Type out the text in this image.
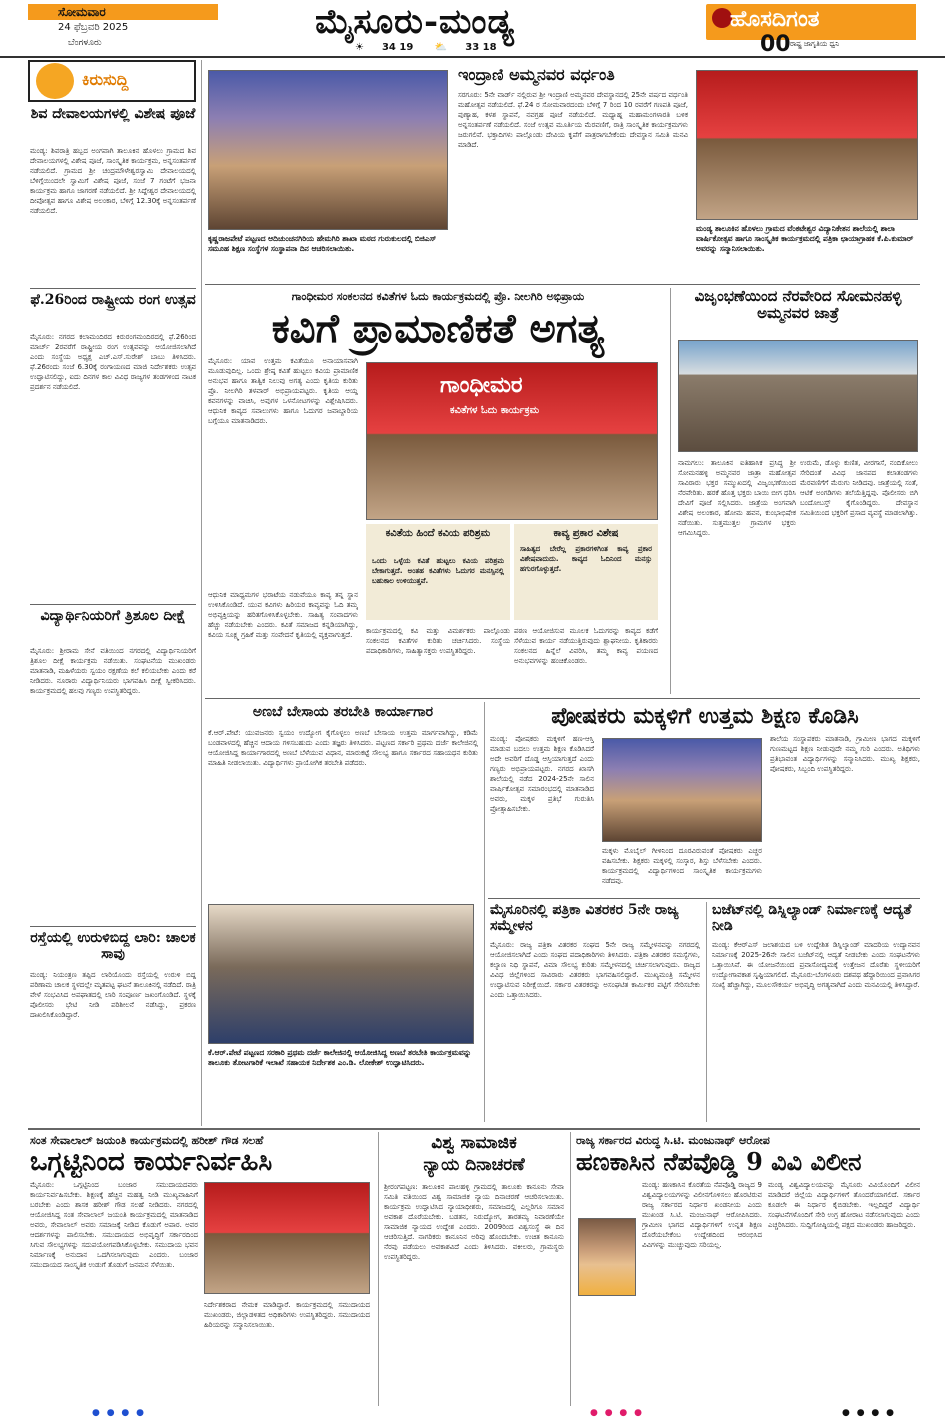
ಸೋಮವಾರ
24 ಫೆಬ್ರವರಿ 2025
ಬೆಂಗಳೂರು
ಮೈಸೂರು-ಮಂಡ್ಯ
☀ 34 19 ⛅ 33 18
ಹೊಸದಿಗಂತ
ರಾಷ್ಟ್ರ ಜಾಗೃತಿಯ ಧ್ವನಿ
00
ಕಿರುಸುದ್ದಿ
ಶಿವ ದೇವಾಲಯಗಳಲ್ಲಿ ವಿಶೇಷ ಪೂಜೆ
ಮಂಡ್ಯ: ಶಿವರಾತ್ರಿ ಹಬ್ಬದ ಅಂಗವಾಗಿ ತಾಲೂಕಿನ ಹೊಳಲು ಗ್ರಾಮದ ಶಿವ ದೇವಾಲಯಗಳಲ್ಲಿ ವಿಶೇಷ ಪೂಜೆ, ಸಾಂಸ್ಕೃತಿಕ ಕಾರ್ಯಕ್ರಮ, ಅನ್ನಸಂತರ್ಪಣೆ ನಡೆಯಲಿದೆ. ಗ್ರಾಮದ ಶ್ರೀ ಚಂದ್ರಮೌಳೇಶ್ವರಸ್ವಾಮಿ ದೇವಾಲಯದಲ್ಲಿ ಬೆಳಿಗ್ಗೆಯಿಂದಲೇ ಸ್ವಾಮಿಗೆ ವಿಶೇಷ ಪೂಜೆ, ಸಂಜೆ 7 ಗಂಟೆಗೆ ಭಜನಾ ಕಾರ್ಯಕ್ರಮ ಹಾಗೂ ಜಾಗರಣೆ ನಡೆಯಲಿದೆ. ಶ್ರೀ ಸಿದ್ದೇಶ್ವರ ದೇವಾಲಯದಲ್ಲಿ ದೀಪೋತ್ಸವ ಹಾಗೂ ವಿಶೇಷ ಅಲಂಕಾರ, ಬೆಳಿಗ್ಗೆ 12.30ಕ್ಕೆ ಅನ್ನಸಂತರ್ಪಣೆ ನಡೆಯಲಿದೆ.
ಫೆ.26ರಿಂದ ರಾಷ್ಟ್ರೀಯ ರಂಗ ಉತ್ಸವ
ಮೈಸೂರು: ನಗರದ ಕಲಾಮಂದಿರದ ಕಿರುರಂಗಮಂದಿರದಲ್ಲಿ ಫೆ.26ರಿಂದ ಮಾರ್ಚ್ 2ರವರೆಗೆ ರಾಷ್ಟ್ರೀಯ ರಂಗ ಉತ್ಸವವನ್ನು ಆಯೋಜಿಸಲಾಗಿದೆ ಎಂದು ಸಂಸ್ಥೆಯ ಅಧ್ಯಕ್ಷ ಎಚ್.ಎಸ್.ಸುರೇಶ್ ಬಾಬು ತಿಳಿಸಿದರು. ಫೆ.26ರಂದು ಸಂಜೆ 6.30ಕ್ಕೆ ರಂಗಾಯಣದ ಮಾಜಿ ನಿರ್ದೇಶಕರು ಉತ್ಸವ ಉದ್ಘಾಟಿಸಲಿದ್ದು, ಐದು ದಿನಗಳ ಕಾಲ ವಿವಿಧ ರಾಜ್ಯಗಳ ತಂಡಗಳಿಂದ ನಾಟಕ ಪ್ರದರ್ಶನ ನಡೆಯಲಿದೆ.
ವಿದ್ಯಾರ್ಥಿನಿಯರಿಗೆ ತ್ರಿಶೂಲ ದೀಕ್ಷೆ
ಮೈಸೂರು: ಶ್ರೀರಾಮ ಸೇನೆ ವತಿಯಿಂದ ನಗರದಲ್ಲಿ ವಿದ್ಯಾರ್ಥಿನಿಯರಿಗೆ ತ್ರಿಶೂಲ ದೀಕ್ಷೆ ಕಾರ್ಯಕ್ರಮ ನಡೆಯಿತು. ಸಂಘಟನೆಯ ಮುಖಂಡರು ಮಾತನಾಡಿ, ಮಹಿಳೆಯರು ಸ್ವಯಂ ರಕ್ಷಣೆಯ ಕಲೆ ಕಲಿಯಬೇಕು ಎಂದು ಕರೆ ನೀಡಿದರು. ನೂರಾರು ವಿದ್ಯಾರ್ಥಿನಿಯರು ಭಾಗವಹಿಸಿ ದೀಕ್ಷೆ ಸ್ವೀಕರಿಸಿದರು. ಕಾರ್ಯಕ್ರಮದಲ್ಲಿ ಹಲವು ಗಣ್ಯರು ಉಪಸ್ಥಿತರಿದ್ದರು.
ರಸ್ತೆಯಲ್ಲಿ ಉರುಳಿಬಿದ್ದ ಲಾರಿ: ಚಾಲಕ ಸಾವು
ಮಂಡ್ಯ: ನಿಯಂತ್ರಣ ತಪ್ಪಿದ ಲಾರಿಯೊಂದು ರಸ್ತೆಯಲ್ಲಿ ಉರುಳಿ ಬಿದ್ದ ಪರಿಣಾಮ ಚಾಲಕ ಸ್ಥಳದಲ್ಲೇ ಮೃತಪಟ್ಟ ಘಟನೆ ತಾಲೂಕಿನಲ್ಲಿ ನಡೆದಿದೆ. ರಾತ್ರಿ ವೇಳೆ ಸಂಭವಿಸಿದ ಅಪಘಾತದಲ್ಲಿ ಲಾರಿ ಸಂಪೂರ್ಣ ಜಖಂಗೊಂಡಿದೆ. ಸ್ಥಳಕ್ಕೆ ಪೊಲೀಸರು ಭೇಟಿ ನೀಡಿ ಪರಿಶೀಲನೆ ನಡೆಸಿದ್ದು, ಪ್ರಕರಣ ದಾಖಲಿಸಿಕೊಂಡಿದ್ದಾರೆ.
ಕೃಷ್ಣರಾಜಪೇಟೆ ಪಟ್ಟಣದ ಆದಿಚುಂಚನಗಿರಿಯ ಹೇಮಗಿರಿ ಶಾಖಾ ಮಠದ ಗುರುಕುಲದಲ್ಲಿ ಬಿಜಿಎಸ್ ಸಮೂಹ ಶಿಕ್ಷಣ ಸಂಸ್ಥೆಗಳ ಸಂಸ್ಥಾಪನಾ ದಿನ ಆಚರಿಸಲಾಯಿತು.
ಇಂದ್ರಾಣಿ ಅಮ್ಮನವರ ವರ್ಧಂತಿ
ಸರಗೂರು: 5ನೇ ವಾರ್ಡ್ ನಲ್ಲಿರುವ ಶ್ರೀ ಇಂದ್ರಾಣಿ ಅಮ್ಮನವರ ದೇವಸ್ಥಾನದಲ್ಲಿ 25ನೇ ವರ್ಷದ ವರ್ಧಂತಿ ಮಹೋತ್ಸವ ನಡೆಯಲಿದೆ. ಫೆ.24 ರ ಸೋಮವಾರದಂದು ಬೆಳಿಗ್ಗೆ 7 ರಿಂದ 10 ರವರೆಗೆ ಗಣಪತಿ ಪೂಜೆ, ಪುಣ್ಯಾಹ, ಕಳಶ ಸ್ಥಾಪನೆ, ನವಗ್ರಹ ಪೂಜೆ ನಡೆಯಲಿದೆ. ಮಧ್ಯಾಹ್ನ ಮಹಾಮಂಗಳಾರತಿ ಬಳಿಕ ಅನ್ನಸಂತರ್ಪಣೆ ನಡೆಯಲಿದೆ. ಸಂಜೆ ಉತ್ಸವ ಮೂರ್ತಿಯ ಮೆರವಣಿಗೆ, ರಾತ್ರಿ ಸಾಂಸ್ಕೃತಿಕ ಕಾರ್ಯಕ್ರಮಗಳು ಜರುಗಲಿವೆ. ಭಕ್ತಾದಿಗಳು ಪಾಲ್ಗೊಂಡು ದೇವಿಯ ಕೃಪೆಗೆ ಪಾತ್ರರಾಗಬೇಕೆಂದು ದೇವಸ್ಥಾನ ಸಮಿತಿ ಮನವಿ ಮಾಡಿದೆ.
ಮಂಡ್ಯ ತಾಲೂಕಿನ ಹೊಳಲು ಗ್ರಾಮದ ವೆಂಕಟೇಶ್ವರ ವಿದ್ಯಾನಿಕೇತನ ಶಾಲೆಯಲ್ಲಿ ಶಾಲಾ ವಾರ್ಷಿಕೋತ್ಸವ ಹಾಗೂ ಸಾಂಸ್ಕೃತಿಕ ಕಾರ್ಯಕ್ರಮದಲ್ಲಿ ಪತ್ರಿಕಾ ಛಾಯಾಗ್ರಾಹಕ ಕೆ.ಪಿ.ಕುಮಾರ್ ಅವರನ್ನು ಸನ್ಮಾನಿಸಲಾಯಿತು.
ಗಾಂಧೀಮರ ಸಂಕಲನದ ಕವಿತೆಗಳ ಓದು ಕಾರ್ಯಕ್ರಮದಲ್ಲಿ ಪ್ರೊ. ನೀಲಗಿರಿ ಅಭಿಪ್ರಾಯ
ಕವಿಗೆ ಪ್ರಾಮಾಣಿಕತೆ ಅಗತ್ಯ
ಮೈಸೂರು: ಯಾವ ಉತ್ತಮ ಕವಿತೆಯೂ ಅನಾಯಾಸವಾಗಿ ಮೂಡುವುದಿಲ್ಲ. ಒಂದು ಶ್ರೇಷ್ಠ ಕವಿತೆ ಹುಟ್ಟಲು ಕವಿಯ ಪ್ರಾಮಾಣಿಕ ಅನುಭವ ಹಾಗೂ ತಾತ್ವಿಕ ನಿಲುವು ಅಗತ್ಯ ಎಂದು ಕೃತಿಯ ಕುರಿತು ಪ್ರೊ. ನೀಲಗಿರಿ ತಳವಾರ್ ಅಭಿಪ್ರಾಯಪಟ್ಟರು. ಕೃತಿಯ ಆಯ್ದ ಕವನಗಳನ್ನು ವಾಚಿಸಿ, ಅವುಗಳ ಒಳನೋಟಗಳನ್ನು ವಿಶ್ಲೇಷಿಸಿದರು. ಆಧುನಿಕ ಕಾವ್ಯದ ಸವಾಲುಗಳು ಹಾಗೂ ಓದುಗರ ಜವಾಬ್ದಾರಿಯ ಬಗ್ಗೆಯೂ ಮಾತನಾಡಿದರು.
ಗಾಂಧೀಮರ
ಕವಿತೆಗಳ ಓದು ಕಾರ್ಯಕ್ರಮ
ಕವಿತೆಯ ಹಿಂದೆ ಕವಿಯ ಪರಿಶ್ರಮ
ಒಂದು ಒಳ್ಳೆಯ ಕವಿತೆ ಹುಟ್ಟಲು ಕವಿಯ ಪರಿಶ್ರಮ ಬೇಕಾಗುತ್ತದೆ. ಅಂತಹ ಕವಿತೆಗಳು ಓದುಗರ ಮನಸ್ಸಿನಲ್ಲಿ ಬಹುಕಾಲ ಉಳಿಯುತ್ತವೆ.
ಕಾವ್ಯ ಪ್ರಕಾರ ವಿಶೇಷ
ಸಾಹಿತ್ಯದ ಬೇರೆಲ್ಲ ಪ್ರಕಾರಗಳಿಗಿಂತ ಕಾವ್ಯ ಪ್ರಕಾರ ವಿಶೇಷವಾದುದು. ಕಾವ್ಯದ ಓದಿನಿಂದ ಮನಸ್ಸು ಹಗುರಗೊಳ್ಳುತ್ತದೆ.
ಆಧುನಿಕ ಮಾಧ್ಯಮಗಳ ಭರಾಟೆಯ ನಡುವೆಯೂ ಕಾವ್ಯ ತನ್ನ ಸ್ಥಾನ ಉಳಿಸಿಕೊಂಡಿದೆ. ಯುವ ಕವಿಗಳು ಹಿರಿಯರ ಕಾವ್ಯವನ್ನು ಓದಿ ತಮ್ಮ ಅಭಿವ್ಯಕ್ತಿಯನ್ನು ಹರಿತಗೊಳಿಸಿಕೊಳ್ಳಬೇಕು. ಸಾಹಿತ್ಯ ಸಂವಾದಗಳು ಹೆಚ್ಚು ನಡೆಯಬೇಕು ಎಂದರು. ಕವಿತೆ ಸಮಾಜದ ಕನ್ನಡಿಯಾಗಿದ್ದು, ಕವಿಯ ಸೂಕ್ಷ್ಮ ಗ್ರಹಿಕೆ ಮತ್ತು ಸಂವೇದನೆ ಕೃತಿಯಲ್ಲಿ ವ್ಯಕ್ತವಾಗುತ್ತದೆ.	ಕಾರ್ಯಕ್ರಮದಲ್ಲಿ ಕವಿ ಮತ್ತು ವಿಮರ್ಶಕರು ಪಾಲ್ಗೊಂಡು ಸಂಕಲನದ ಕವಿತೆಗಳ ಕುರಿತು ಚರ್ಚಿಸಿದರು. ಸಂಸ್ಥೆಯ ಪದಾಧಿಕಾರಿಗಳು, ಸಾಹಿತ್ಯಾಸಕ್ತರು ಉಪಸ್ಥಿತರಿದ್ದರು.
ಪಠಣ ಆಯೋಜಿಸುವ ಮೂಲಕ ಓದುಗರನ್ನು ಕಾವ್ಯದ ಕಡೆಗೆ ಸೆಳೆಯುವ ಕಾರ್ಯ ನಡೆಯುತ್ತಿರುವುದು ಶ್ಲಾಘನೀಯ. ಕೃತಿಕಾರರು ಸಂಕಲನದ ಹಿನ್ನೆಲೆ ವಿವರಿಸಿ, ತಮ್ಮ ಕಾವ್ಯ ಪಯಣದ ಅನುಭವಗಳನ್ನು ಹಂಚಿಕೊಂಡರು.
ವಿಜೃಂಭಣೆಯಿಂದ ನೆರವೇರಿದ ಸೋಮನಹಳ್ಳಿ ಅಮ್ಮನವರ ಜಾತ್ರೆ
ನಾಮಗಲು: ತಾಲೂಕಿನ ಐತಿಹಾಸಿಕ ಪ್ರಸಿದ್ಧ ಶ್ರೀ ಸೋಮನಹಳ್ಳಿ ಅಮ್ಮನವರ ಜಾತ್ರಾ ಮಹೋತ್ಸವ ಸಾವಿರಾರು ಭಕ್ತರ ಸಮ್ಮುಖದಲ್ಲಿ ವಿಜೃಂಭಣೆಯಿಂದ ನೆರವೇರಿತು. ಹರಕೆ ಹೊತ್ತ ಭಕ್ತರು ಬಾಯಿ ಬೀಗ ಧರಿಸಿ ದೇವಿಗೆ ಪೂಜೆ ಸಲ್ಲಿಸಿದರು. ಜಾತ್ರೆಯ ಅಂಗವಾಗಿ ವಿಶೇಷ ಅಲಂಕಾರ, ಹೋಮ ಹವನ, ಕುಂಭಾಭಿಷೇಕ ನಡೆಯಿತು. ಸುತ್ತಮುತ್ತಲ ಗ್ರಾಮಗಳ ಭಕ್ತರು ಆಗಮಿಸಿದ್ದರು.
ಉರುಮೆ, ಡೊಳ್ಳು ಕುಣಿತ, ವೀರಗಾಸೆ, ನಂದಿಕೋಲು ಸೇರಿದಂತೆ ವಿವಿಧ ಜಾನಪದ ಕಲಾತಂಡಗಳು ಮೆರವಣಿಗೆಗೆ ಮೆರುಗು ನೀಡಿದವು. ಜಾತ್ರೆಯಲ್ಲಿ ಸಂತೆ, ಆಟಿಕೆ ಅಂಗಡಿಗಳು ತಲೆಯೆತ್ತಿದ್ದವು. ಪೊಲೀಸರು ಬಿಗಿ ಬಂದೋಬಸ್ತ್ ಕೈಗೊಂಡಿದ್ದರು. ದೇವಸ್ಥಾನ ಸಮಿತಿಯಿಂದ ಭಕ್ತರಿಗೆ ಪ್ರಸಾದ ವ್ಯವಸ್ಥೆ ಮಾಡಲಾಗಿತ್ತು.
ಅಣಬೆ ಬೇಸಾಯ ತರಬೇತಿ ಕಾರ್ಯಾಗಾರ
ಕೆ.ಆರ್.ಪೇಟೆ: ಯುವಜನರು ಸ್ವಯಂ ಉದ್ಯೋಗ ಕೈಗೊಳ್ಳಲು ಅಣಬೆ ಬೇಸಾಯ ಉತ್ತಮ ಮಾರ್ಗವಾಗಿದ್ದು, ಕಡಿಮೆ ಬಂಡವಾಳದಲ್ಲಿ ಹೆಚ್ಚಿನ ಆದಾಯ ಗಳಿಸಬಹುದು ಎಂದು ತಜ್ಞರು ತಿಳಿಸಿದರು. ಪಟ್ಟಣದ ಸರ್ಕಾರಿ ಪ್ರಥಮ ದರ್ಜೆ ಕಾಲೇಜಿನಲ್ಲಿ ಆಯೋಜಿಸಿದ್ದ ಕಾರ್ಯಾಗಾರದಲ್ಲಿ ಅಣಬೆ ಬೆಳೆಯುವ ವಿಧಾನ, ಮಾರುಕಟ್ಟೆ ಸೌಲಭ್ಯ ಹಾಗೂ ಸರ್ಕಾರದ ಸಹಾಯಧನ ಕುರಿತು ಮಾಹಿತಿ ನೀಡಲಾಯಿತು. ವಿದ್ಯಾರ್ಥಿಗಳು ಪ್ರಾಯೋಗಿಕ ತರಬೇತಿ ಪಡೆದರು.
ಕೆ.ಆರ್.ಪೇಟೆ ಪಟ್ಟಣದ ಸರಕಾರಿ ಪ್ರಥಮ ದರ್ಜೆ ಕಾಲೇಜಿನಲ್ಲಿ ಆಯೋಜಿಸಿದ್ದ ಅಣಬೆ ತರಬೇತಿ ಕಾರ್ಯಕ್ರಮವನ್ನು ತಾಲೂಕು ತೋಟಗಾರಿಕೆ ಇಲಾಖೆ ಸಹಾಯಕ ನಿರ್ದೇಶಕ ಎಂ.ಡಿ. ಲೋಕೇಶ್ ಉದ್ಘಾಟಿಸಿದರು.
ಪೋಷಕರು ಮಕ್ಕಳಿಗೆ ಉತ್ತಮ ಶಿಕ್ಷಣ ಕೊಡಿಸಿ
ಮಂಡ್ಯ: ಪೋಷಕರು ಮಕ್ಕಳಿಗೆ ಹಣ-ಆಸ್ತಿ ಮಾಡುವ ಬದಲು ಉತ್ತಮ ಶಿಕ್ಷಣ ಕೊಡಿಸಿದರೆ ಅದೇ ಅವರಿಗೆ ದೊಡ್ಡ ಆಸ್ತಿಯಾಗುತ್ತದೆ ಎಂದು ಗಣ್ಯರು ಅಭಿಪ್ರಾಯಪಟ್ಟರು. ನಗರದ ಖಾಸಗಿ ಶಾಲೆಯಲ್ಲಿ ನಡೆದ 2024-25ನೇ ಸಾಲಿನ ವಾರ್ಷಿಕೋತ್ಸವ ಸಮಾರಂಭದಲ್ಲಿ ಮಾತನಾಡಿದ ಅವರು, ಮಕ್ಕಳ ಪ್ರತಿಭೆ ಗುರುತಿಸಿ ಪ್ರೋತ್ಸಾಹಿಸಬೇಕು.
ಮಕ್ಕಳು ಮೊಬೈಲ್ ಗೀಳಿನಿಂದ ದೂರವಿರುವಂತೆ ಪೋಷಕರು ಎಚ್ಚರ ವಹಿಸಬೇಕು. ಶಿಕ್ಷಕರು ಮಕ್ಕಳಲ್ಲಿ ಸಂಸ್ಕಾರ, ಶಿಸ್ತು ಬೆಳೆಸಬೇಕು ಎಂದರು. ಕಾರ್ಯಕ್ರಮದಲ್ಲಿ ವಿದ್ಯಾರ್ಥಿಗಳಿಂದ ಸಾಂಸ್ಕೃತಿಕ ಕಾರ್ಯಕ್ರಮಗಳು ನಡೆದವು.
ಶಾಲೆಯ ಸಂಸ್ಥಾಪಕರು ಮಾತನಾಡಿ, ಗ್ರಾಮೀಣ ಭಾಗದ ಮಕ್ಕಳಿಗೆ ಗುಣಮಟ್ಟದ ಶಿಕ್ಷಣ ನೀಡುವುದೇ ನಮ್ಮ ಗುರಿ ಎಂದರು. ಅತಿಥಿಗಳು ಪ್ರತಿಭಾವಂತ ವಿದ್ಯಾರ್ಥಿಗಳನ್ನು ಸನ್ಮಾನಿಸಿದರು. ಮುಖ್ಯ ಶಿಕ್ಷಕರು, ಪೋಷಕರು, ಸಿಬ್ಬಂದಿ ಉಪಸ್ಥಿತರಿದ್ದರು.
ಮೈಸೂರಿನಲ್ಲಿ ಪತ್ರಿಕಾ ವಿತರಕರ 5ನೇ ರಾಜ್ಯ ಸಮ್ಮೇಳನ
ಮೈಸೂರು: ರಾಜ್ಯ ಪತ್ರಿಕಾ ವಿತರಕರ ಸಂಘದ 5ನೇ ರಾಜ್ಯ ಸಮ್ಮೇಳನವನ್ನು ನಗರದಲ್ಲಿ ಆಯೋಜಿಸಲಾಗಿದೆ ಎಂದು ಸಂಘದ ಪದಾಧಿಕಾರಿಗಳು ತಿಳಿಸಿದರು. ಪತ್ರಿಕಾ ವಿತರಕರ ಸಮಸ್ಯೆಗಳು, ಕಲ್ಯಾಣ ನಿಧಿ ಸ್ಥಾಪನೆ, ವಿಮಾ ಸೌಲಭ್ಯ ಕುರಿತು ಸಮ್ಮೇಳನದಲ್ಲಿ ಚರ್ಚಿಸಲಾಗುವುದು. ರಾಜ್ಯದ ವಿವಿಧ ಜಿಲ್ಲೆಗಳಿಂದ ಸಾವಿರಾರು ವಿತರಕರು ಭಾಗವಹಿಸಲಿದ್ದಾರೆ. ಮುಖ್ಯಮಂತ್ರಿ ಸಮ್ಮೇಳನ ಉದ್ಘಾಟಿಸುವ ನಿರೀಕ್ಷೆಯಿದೆ. ಸರ್ಕಾರ ವಿತರಕರನ್ನು ಅಸಂಘಟಿತ ಕಾರ್ಮಿಕರ ಪಟ್ಟಿಗೆ ಸೇರಿಸಬೇಕು ಎಂದು ಒತ್ತಾಯಿಸಿದರು.
ಬಜೆಟ್‌ನಲ್ಲಿ ಡಿಸ್ನಿಲ್ಯಾಂಡ್ ನಿರ್ಮಾಣಕ್ಕೆ ಆದ್ಯತೆ ನೀಡಿ
ಮಂಡ್ಯ: ಕೆಆರ್‌ಎಸ್ ಜಲಾಶಯದ ಬಳಿ ಉದ್ದೇಶಿತ ಡಿಸ್ನಿಲ್ಯಾಂಡ್ ಮಾದರಿಯ ಉದ್ಯಾನವನ ನಿರ್ಮಾಣಕ್ಕೆ 2025-26ನೇ ಸಾಲಿನ ಬಜೆಟ್‌ನಲ್ಲಿ ಆದ್ಯತೆ ನೀಡಬೇಕು ಎಂದು ಸಂಘಟನೆಗಳು ಒತ್ತಾಯಿಸಿವೆ. ಈ ಯೋಜನೆಯಿಂದ ಪ್ರವಾಸೋದ್ಯಮಕ್ಕೆ ಉತ್ತೇಜನ ದೊರೆತು ಸ್ಥಳೀಯರಿಗೆ ಉದ್ಯೋಗಾವಕಾಶ ಸೃಷ್ಟಿಯಾಗಲಿದೆ. ಮೈಸೂರು-ಬೆಂಗಳೂರು ದಶಪಥ ಹೆದ್ದಾರಿಯಿಂದ ಪ್ರವಾಸಿಗರ ಸಂಖ್ಯೆ ಹೆಚ್ಚಾಗಿದ್ದು, ಮೂಲಸೌಕರ್ಯ ಅಭಿವೃದ್ಧಿ ಅಗತ್ಯವಾಗಿದೆ ಎಂದು ಮನವಿಯಲ್ಲಿ ತಿಳಿಸಿದ್ದಾರೆ.
ಸಂತ ಸೇವಾಲಾಲ್ ಜಯಂತಿ ಕಾರ್ಯಕ್ರಮದಲ್ಲಿ ಹರೀಶ್ ಗೌಡ ಸಲಹೆ
ಒಗ್ಗಟ್ಟಿನಿಂದ ಕಾರ್ಯನಿರ್ವಹಿಸಿ
ಮೈಸೂರು: ಒಗ್ಗಟ್ಟಿನಿಂದ ಬಂಜಾರ ಸಮುದಾಯದವರು ಕಾರ್ಯನಿರ್ವಹಿಸಬೇಕು. ಶಿಕ್ಷಣಕ್ಕೆ ಹೆಚ್ಚಿನ ಮಹತ್ವ ನೀಡಿ ಮುಖ್ಯವಾಹಿನಿಗೆ ಬರಬೇಕು ಎಂದು ಶಾಸಕ ಹರೀಶ್ ಗೌಡ ಸಲಹೆ ನೀಡಿದರು. ನಗರದಲ್ಲಿ ಆಯೋಜಿಸಿದ್ದ ಸಂತ ಸೇವಾಲಾಲ್ ಜಯಂತಿ ಕಾರ್ಯಕ್ರಮದಲ್ಲಿ ಮಾತನಾಡಿದ ಅವರು, ಸೇವಾಲಾಲ್ ಅವರು ಸಮಾಜಕ್ಕೆ ನೀಡಿದ ಕೊಡುಗೆ ಅಪಾರ. ಅವರ ಆದರ್ಶಗಳನ್ನು ಪಾಲಿಸಬೇಕು. ಸಮುದಾಯದ ಅಭಿವೃದ್ಧಿಗೆ ಸರ್ಕಾರದಿಂದ ಸಿಗುವ ಸೌಲಭ್ಯಗಳನ್ನು ಸದುಪಯೋಗಪಡಿಸಿಕೊಳ್ಳಬೇಕು. ಸಮುದಾಯ ಭವನ ನಿರ್ಮಾಣಕ್ಕೆ ಅನುದಾನ ಒದಗಿಸಲಾಗುವುದು ಎಂದರು. ಬಂಜಾರ ಸಮುದಾಯದ ಸಾಂಸ್ಕೃತಿಕ ಉಡುಗೆ ತೊಡುಗೆ ಜನಮನ ಸೆಳೆಯಿತು.
ನಿರ್ದೇಶಕರಾದ ನೇಮಕ ಮಾಡಿದ್ದಾರೆ. ಕಾರ್ಯಕ್ರಮದಲ್ಲಿ ಸಮುದಾಯದ ಮುಖಂಡರು, ಜಿಲ್ಲಾಡಳಿತದ ಅಧಿಕಾರಿಗಳು ಉಪಸ್ಥಿತರಿದ್ದರು. ಸಮುದಾಯದ ಹಿರಿಯರನ್ನು ಸನ್ಮಾನಿಸಲಾಯಿತು.
ವಿಶ್ವ ಸಾಮಾಜಿಕ
ನ್ಯಾಯ ದಿನಾಚರಣೆ
ಶ್ರೀರಂಗಪಟ್ಟಣ: ತಾಲೂಕಿನ ಪಾಲಹಳ್ಳಿ ಗ್ರಾಮದಲ್ಲಿ ತಾಲೂಕು ಕಾನೂನು ಸೇವಾ ಸಮಿತಿ ವತಿಯಿಂದ ವಿಶ್ವ ಸಾಮಾಜಿಕ ನ್ಯಾಯ ದಿನಾಚರಣೆ ಆಚರಿಸಲಾಯಿತು. ಕಾರ್ಯಕ್ರಮ ಉದ್ಘಾಟಿಸಿದ ನ್ಯಾಯಾಧೀಶರು, ಸಮಾಜದಲ್ಲಿ ಎಲ್ಲರಿಗೂ ಸಮಾನ ಅವಕಾಶ ದೊರೆಯಬೇಕು. ಬಡತನ, ನಿರುದ್ಯೋಗ, ತಾರತಮ್ಯ ನಿವಾರಣೆಯೇ ಸಾಮಾಜಿಕ ನ್ಯಾಯದ ಉದ್ದೇಶ ಎಂದರು. 2009ರಿಂದ ವಿಶ್ವಸಂಸ್ಥೆ ಈ ದಿನ ಆಚರಿಸುತ್ತಿದೆ. ನಾಗರಿಕರು ಕಾನೂನಿನ ಅರಿವು ಹೊಂದಬೇಕು. ಉಚಿತ ಕಾನೂನು ನೆರವು ಪಡೆಯಲು ಅವಕಾಶವಿದೆ ಎಂದು ತಿಳಿಸಿದರು. ವಕೀಲರು, ಗ್ರಾಮಸ್ಥರು ಉಪಸ್ಥಿತರಿದ್ದರು.
ರಾಜ್ಯ ಸರ್ಕಾರದ ವಿರುದ್ಧ ಸಿ.ಟಿ. ಮಂಜುನಾಥ್ ಆರೋಪ
ಹಣಕಾಸಿನ ನೆಪವೊಡ್ಡಿ 9 ವಿವಿ ವಿಲೀನ
ಮಂಡ್ಯ: ಹಣಕಾಸಿನ ಕೊರತೆಯ ನೆಪವೊಡ್ಡಿ ರಾಜ್ಯದ 9 ವಿಶ್ವವಿದ್ಯಾಲಯಗಳನ್ನು ವಿಲೀನಗೊಳಿಸಲು ಹೊರಟಿರುವ ರಾಜ್ಯ ಸರ್ಕಾರದ ನಿರ್ಧಾರ ಖಂಡನೀಯ ಎಂದು ಮುಖಂಡ ಸಿ.ಟಿ. ಮಂಜುನಾಥ್ ಆರೋಪಿಸಿದರು. ಗ್ರಾಮೀಣ ಭಾಗದ ವಿದ್ಯಾರ್ಥಿಗಳಿಗೆ ಉನ್ನತ ಶಿಕ್ಷಣ ದೊರೆಯಬೇಕೆಂಬ ಉದ್ದೇಶದಿಂದ ಆರಂಭಿಸಿದ ವಿವಿಗಳನ್ನು ಮುಚ್ಚುವುದು ಸರಿಯಲ್ಲ.
ಮಂಡ್ಯ ವಿಶ್ವವಿದ್ಯಾಲಯವನ್ನು ಮೈಸೂರು ವಿವಿಯೊಂದಿಗೆ ವಿಲೀನ ಮಾಡಿದರೆ ಜಿಲ್ಲೆಯ ವಿದ್ಯಾರ್ಥಿಗಳಿಗೆ ತೊಂದರೆಯಾಗಲಿದೆ. ಸರ್ಕಾರ ಕೂಡಲೇ ಈ ನಿರ್ಧಾರ ಕೈಬಿಡಬೇಕು. ಇಲ್ಲದಿದ್ದರೆ ವಿದ್ಯಾರ್ಥಿ ಸಂಘಟನೆಗಳೊಂದಿಗೆ ಸೇರಿ ಉಗ್ರ ಹೋರಾಟ ನಡೆಸಲಾಗುವುದು ಎಂದು ಎಚ್ಚರಿಸಿದರು. ಸುದ್ದಿಗೋಷ್ಠಿಯಲ್ಲಿ ಪಕ್ಷದ ಮುಖಂಡರು ಹಾಜರಿದ್ದರು.
● ● ● ●	● ● ● ●	● ● ● ●
